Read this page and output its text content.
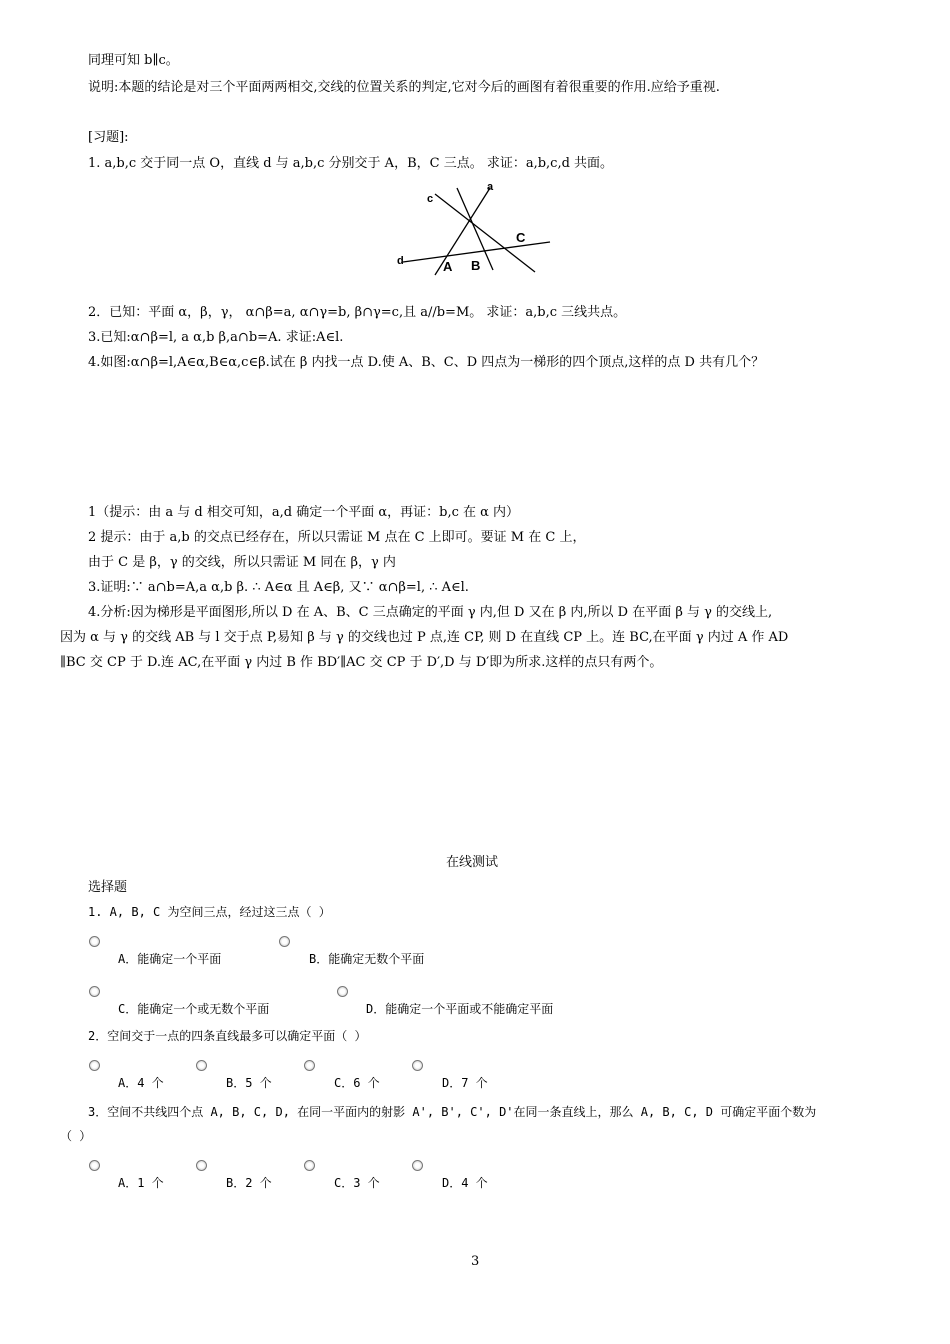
同理可知 b∥c。
说明:本题的结论是对三个平面两两相交,交线的位置关系的判定,它对今后的画图有着很重要的作用.应给予重视.
[习题]:
1. a,b,c 交于同一点 O，直线 d 与 a,b,c 分别交于 A，B，C 三点。 求证：a,b,c,d 共面。
a
c
C
d	A B
2．已知：平面 α，β，γ， α∩β=a, α∩γ=b, β∩γ=c,且 a//b=M。 求证：a,b,c 三线共点。
3.已知:α∩β=l, a α,b β,a∩b=A. 求证:A∈l.
4.如图:α∩β=l,A∈α,B∈α,c∈β.试在 β 内找一点 D.使 A、B、C、D 四点为一梯形的四个顶点,这样的点 D 共有几个？
1（提示：由 a 与 d 相交可知，a,d 确定一个平面 α，再证：b,c 在 α 内）
2 提示：由于 a,b 的交点已经存在，所以只需证 M 点在 C 上即可。要证 M 在 C 上，
由于 C 是 β，γ 的交线，所以只需证 M 同在 β，γ 内
3.证明:∵ a∩b=A,a α,b β. ∴ A∈α 且 A∈β, 又∵ α∩β=l, ∴ A∈l.
4.分析:因为梯形是平面图形,所以 D 在 A、B、C 三点确定的平面 γ 内,但 D 又在 β 内,所以 D 在平面 β 与 γ 的交线上,
因为 α 与 γ 的交线 AB 与 l 交于点 P,易知 β 与 γ 的交线也过 P 点,连 CP, 则 D 在直线 CP 上。连 BC,在平面 γ 内过 A 作 AD
∥BC 交 CP 于 D.连 AC,在平面 γ 内过 B 作 BD′∥AC 交 CP 于 D′,D 与 D′即为所求.这样的点只有两个。
在线测试
选择题
1. A, B, C 为空间三点，经过这三点（ ）
A．能确定一个平面	B．能确定无数个平面
C．能确定一个或无数个平面	D．能确定一个平面或不能确定平面
2．空间交于一点的四条直线最多可以确定平面（ ）
A．4 个	B．5 个	C．6 个	D．7 个
3．空间不共线四个点 A, B, C, D, 在同一平面内的射影 A', B', C', D'在同一条直线上，那么 A, B, C, D 可确定平面个数为
（ ）
A．1 个	B．2 个	C．3 个	D．4 个
3
